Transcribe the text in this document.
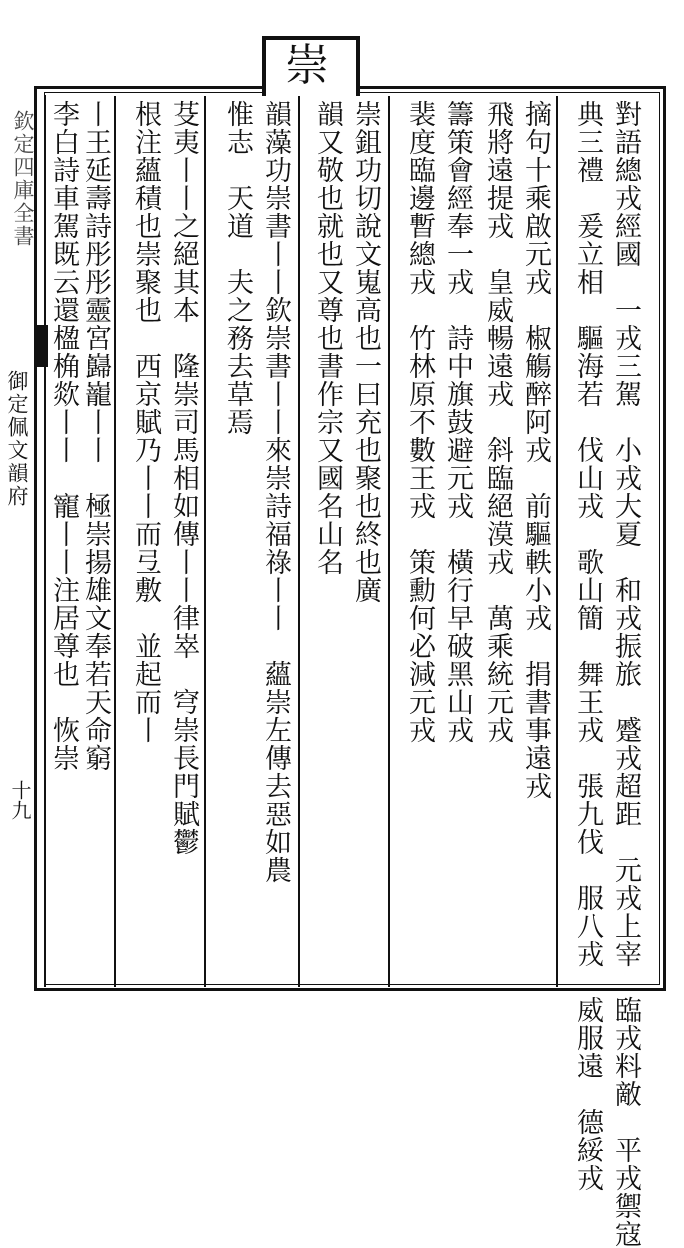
崇
欽定四庫全書
御定佩文韻府
十九	對語總戎經國　一戎三駕　小戎大夏　和戎振旅　蹙戎超距　元戎上宰　臨戎料敵　平戎禦寇
典三禮　爰立相　驅海若　伐山戎　歌山簡　舞王戎　張九伐　服八戎　威服遠　德綏戎
摘句十乘啟元戎　椒觴醉阿戎　前驅軼小戎　捐書事遠戎
飛將遠提戎　皇威暢遠戎　斜臨絕漠戎　萬乘統元戎
籌策會經奉一戎　詩中旗鼓避元戎　橫行早破黑山戎
裴度臨邊暫總戎　竹林原不數王戎　策勳何必減元戎
崇鉏功切說文嵬高也一曰充也聚也終也廣
韻又敬也就也又尊也書作宗又國名山名
韻藻功崇書丨丨欽崇書丨丨來崇詩福祿丨丨　蘊崇左傳去惡如農
惟志　天道　夫之務去草焉
芟夷丨丨之絕其本　隆崇司馬相如傳丨丨律崒　穹崇長門賦鬱
根注蘊積也崇聚也　西京賦乃丨丨而弖敷　並起而丨
丨王延壽詩彤彤靈宮巋巃丨丨　極崇揚雄文奉若天命窮
李白詩車駕既云還楹桷欻丨丨　寵丨丨注居尊也　恢崇
